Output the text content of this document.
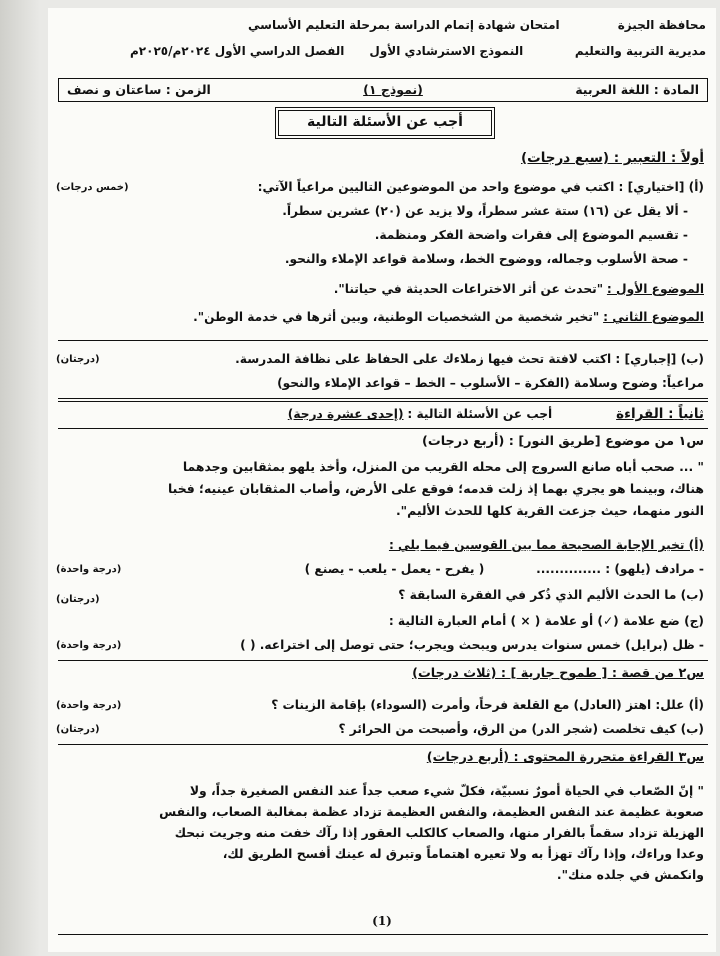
محافظة الجيزة
امتحان شهادة إتمام الدراسة بمرحلة التعليم الأساسي
مديرية التربية والتعليم
النموذج الاسترشادي الأول      الفصل الدراسي الأول ٢٠٢٤م/٢٠٢٥م
المادة : اللغة العربية
(نموذج ١)
الزمن : ساعتان و نصف
أجب عن الأسئلة التالية
أولاً : التعبير : (سبع درجات)
(أ) [اختياري] : اكتب في موضوع واحد من الموضوعين التاليين مراعياً الآتي:
(خمس درجات)
- ألا يقل عن (١٦) ستة عشر سطراً، ولا يزيد عن (٢٠) عشرين سطراً.
- تقسيم الموضوع إلى فقرات واضحة الفكر ومنظمة.
- صحة الأسلوب وجماله، ووضوح الخط، وسلامة قواعد الإملاء والنحو.
الموضوع الأول : "تحدث عن أثر الاختراعات الحديثة في حياتنا".
الموضوع الثاني : "تخير شخصية من الشخصيات الوطنية، وبين أثرها في خدمة الوطن".
(ب) [إجباري] : اكتب لافتة تحث فيها زملاءك على الحفاظ على نظافة المدرسة.
(درجتان)
مراعياً: وضوح وسلامة (الفكرة – الأسلوب – الخط – قواعد الإملاء والنحو)
ثانياً : القراءة أجب عن الأسئلة التالية : (إحدى عشرة درجة)
س١ من موضوع [طريق النور] : (أربع درجات)
" ... صحب أباه صانع السروج إلى محله القريب من المنزل، وأخذ يلهو بمثقابين وجدهما
هناك، وبينما هو يجري بهما إذ زلت قدمه؛ فوقع على الأرض، وأصاب المثقابان عينيه؛ فخبا
النور منهما، حيث جزعت القرية كلها للحدث الأليم".
(أ) تخير الإجابة الصحيحة مما بين القوسين فيما يلي :
- مرادف (يلهو) : .............. ( يفرح - يعمل - يلعب - يصنع )
(درجة واحدة)
(ب) ما الحدث الأليم الذي ذُكر في الفقرة السابقة ؟
(درجتان)
(ج) ضع علامة (✓) أو علامة ( × ) أمام العبارة التالية :
- ظل (برايل) خمس سنوات يدرس ويبحث ويجرب؛ حتى توصل إلى اختراعه. ( )
(درجة واحدة)
س٢ من قصة : [ طموح جارية ] : (ثلاث درجات)
(أ) علل: اهتز (العادل) مع القلعة فرحاً، وأمرت (السوداء) بإقامة الزينات ؟
(درجة واحدة)
(ب) كيف تخلصت (شجر الدر) من الرق، وأصبحت من الحرائر ؟
(درجتان)
س٣ القراءة متحررة المحتوى : (أربع درجات)
" إنّ الصّعاب في الحياة أمورٌ نسبيّة، فكلّ شيء صعب جداً عند النفس الصغيرة جداً، ولا
صعوبة عظيمة عند النفس العظيمة، والنفس العظيمة تزداد عظمة بمغالبة الصعاب، والنفس
الهزيلة تزداد سقماً بالفرار منها، والصعاب كالكلب العقور إذا رآك خفت منه وجريت نبحك
وعدا وراءك، وإذا رآك تهزأ به ولا تعيره اهتماماً وتبرق له عينك أفسح الطريق لك،
وانكمش في جلده منك".
(1)
